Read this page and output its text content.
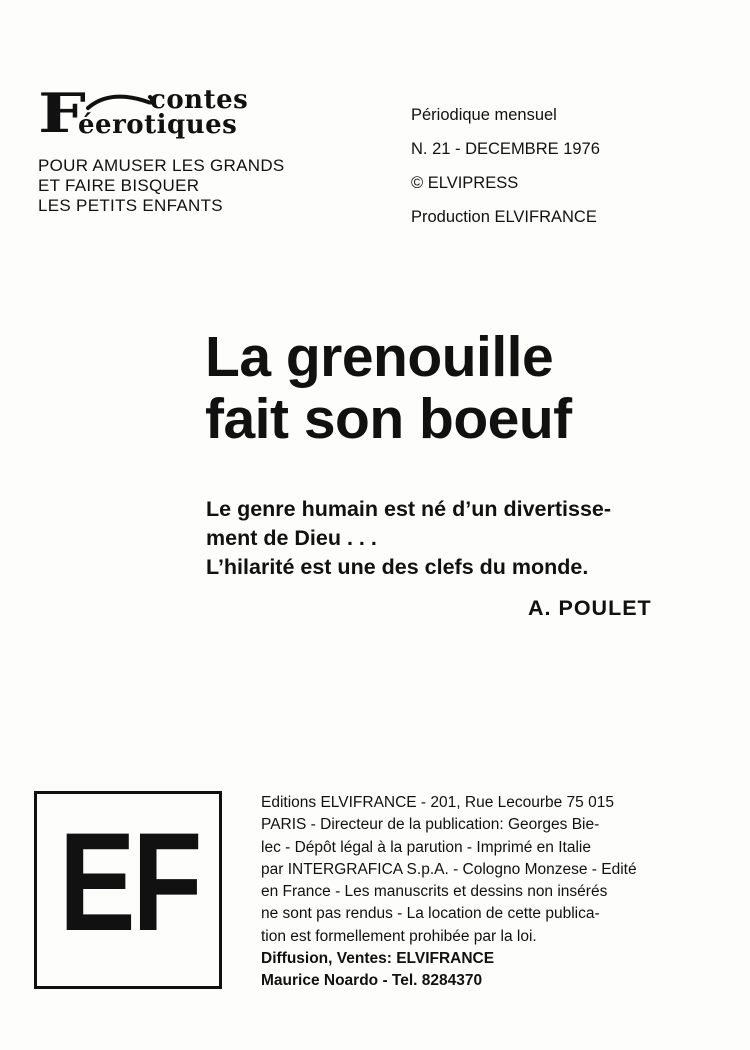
F contes
éerotiques
POUR AMUSER LES GRANDS
ET FAIRE BISQUER
LES PETITS ENFANTS
Périodique mensuel
N. 21 - DECEMBRE 1976
© ELVIPRESS
Production ELVIFRANCE
La grenouille
fait son boeuf
Le genre humain est né d’un divertisse-
ment de Dieu . . .
L’hilarité est une des clefs du monde.
A. POULET
EF
Editions ELVIFRANCE - 201, Rue Lecourbe 75 015
PARIS - Directeur de la publication: Georges Bie-
lec - Dépôt légal à la parution - Imprimé en Italie
par INTERGRAFICA S.p.A. - Cologno Monzese - Edité
en France - Les manuscrits et dessins non insérés
ne sont pas rendus - La location de cette publica-
tion est formellement prohibée par la loi.
Diffusion, Ventes: ELVIFRANCE
Maurice Noardo - Tel. 8284370
